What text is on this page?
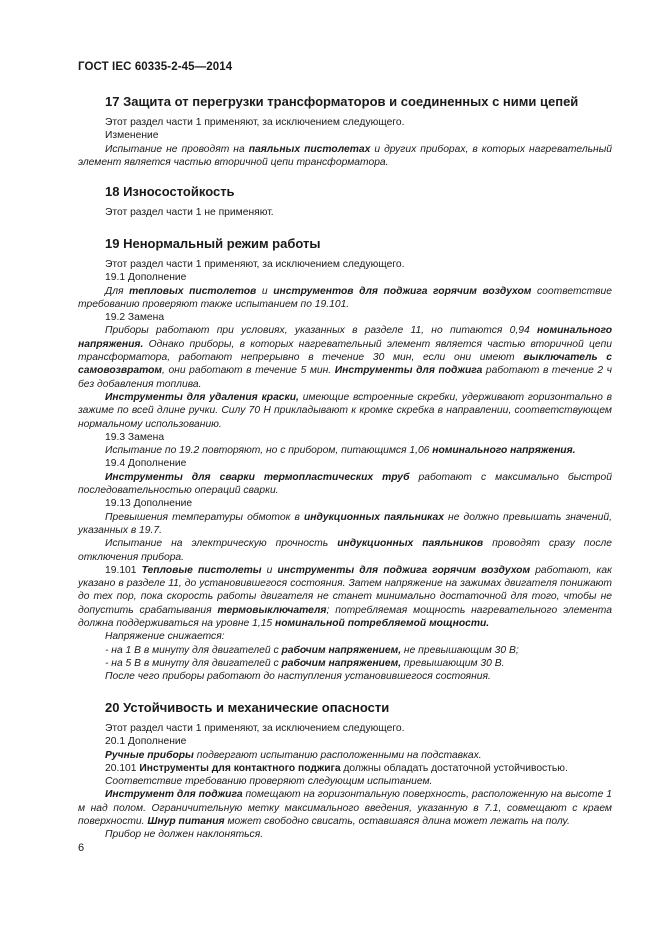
ГОСТ IEC 60335-2-45—2014
17 Защита от перегрузки трансформаторов и соединенных с ними цепей

Этот раздел части 1 применяют, за исключением следующего.

Изменение

Испытание не проводят на паяльных пистолетах и других приборах, в которых нагревательный элемент является частью вторичной цепи трансформатора.

18 Износостойкость

Этот раздел части 1 не применяют.

19 Ненормальный режим работы

Этот раздел части 1 применяют, за исключением следующего.

19.1 Дополнение

Для тепловых пистолетов и инструментов для поджига горячим воздухом соответствие требованию проверяют также испытанием по 19.101.

19.2 Замена

Приборы работают при условиях, указанных в разделе 11, но питаются 0,94 номинального напряжения. Однако приборы, в которых нагревательный элемент является частью вторичной цепи трансформатора, работают непрерывно в течение 30 мин, если они имеют выключатель с самовозвратом, они работают в течение 5 мин. Инструменты для поджига работают в течение 2 ч без добавления топлива.

Инструменты для удаления краски, имеющие встроенные скребки, удерживают горизонтально в зажиме по всей длине ручки. Силу 70 Н прикладывают к кромке скребка в направлении, соответствующем нормальному использованию.

19.3 Замена

Испытание по 19.2 повторяют, но с прибором, питающимся 1,06 номинального напряжения.

19.4 Дополнение

Инструменты для сварки термопластических труб работают с максимально быстрой последовательностью операций сварки.

19.13 Дополнение

Превышения температуры обмоток в индукционных паяльниках не должно превышать значений, указанных в 19.7.

Испытание на электрическую прочность индукционных паяльников проводят сразу после отключения прибора.

19.101 Тепловые пистолеты и инструменты для поджига горячим воздухом работают, как указано в разделе 11, до установившегося состояния. Затем напряжение на зажимах двигателя понижают до тех пор, пока скорость работы двигателя не станет минимально достаточной для того, чтобы не допустить срабатывания термовыключателя; потребляемая мощность нагревательного элемента должна поддерживаться на уровне 1,15 номинальной потребляемой мощности.

Напряжение снижается:

- на 1 В в минуту для двигателей с рабочим напряжением, не превышающим 30 В;

- на 5 В в минуту для двигателей с рабочим напряжением, превышающим 30 В.

После чего приборы работают до наступления установившегося состояния.

20 Устойчивость и механические опасности

Этот раздел части 1 применяют, за исключением следующего.

20.1 Дополнение

Ручные приборы подвергают испытанию расположенными на подставках.

20.101 Инструменты для контактного поджига должны обладать достаточной устойчивостью.

Соответствие требованию проверяют следующим испытанием.

Инструмент для поджига помещают на горизонтальную поверхность, расположенную на высоте 1 м над полом. Ограничительную метку максимального введения, указанную в 7.1, совмещают с краем поверхности. Шнур питания может свободно свисать, оставшаяся длина может лежать на полу.

Прибор не должен наклоняться.

6
